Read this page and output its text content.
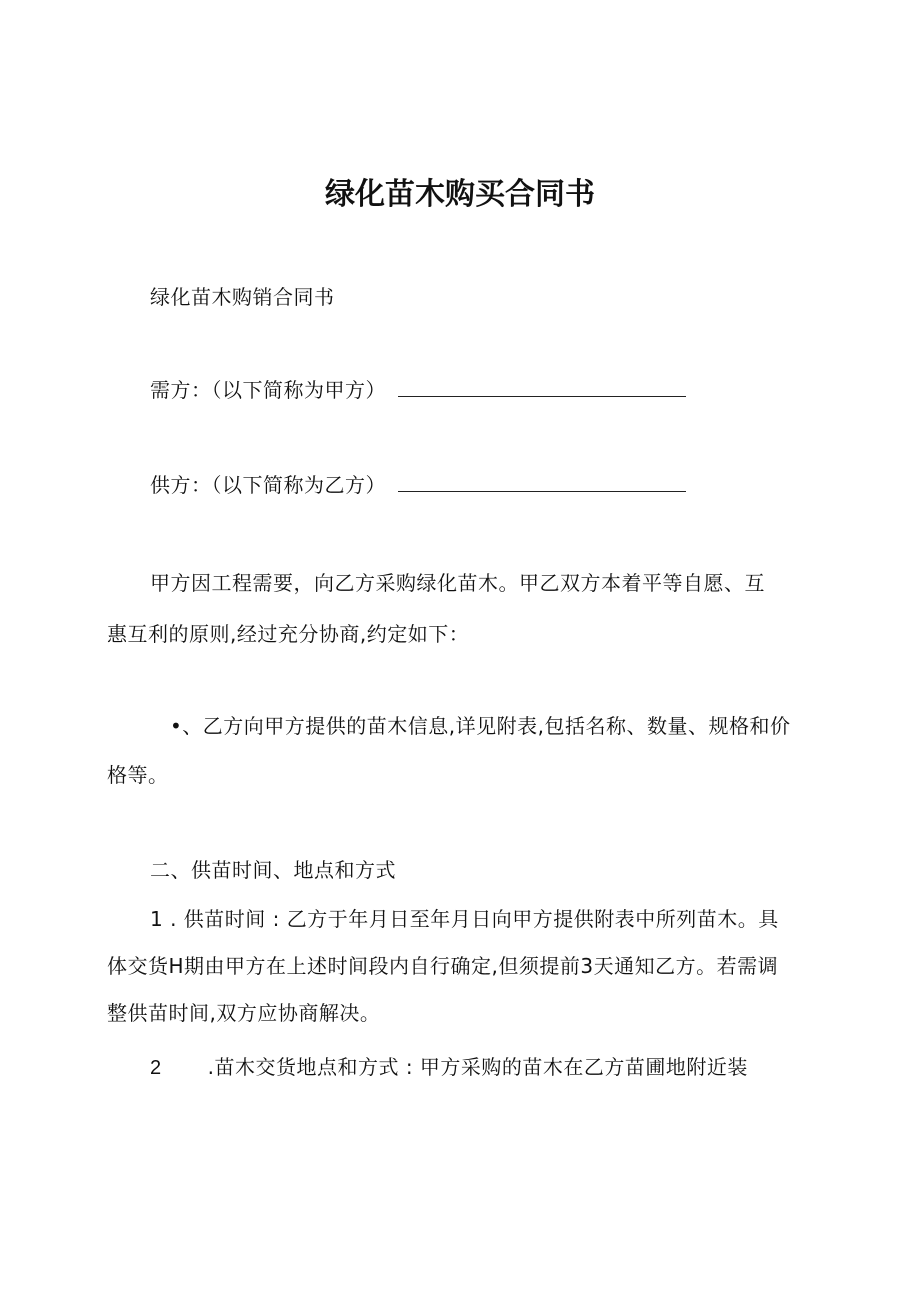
绿化苗木购买合同书
绿化苗木购销合同书
需方：（以下简称为甲方）
供方：（以下简称为乙方）
甲方因工程需要，向乙方采购绿化苗木。甲乙双方本着平等自愿、互
惠互利的原则,经过充分协商,约定如下：
•、乙方向甲方提供的苗木信息,详见附表,包括名称、数量、规格和价
格等。
二、供苗时间、地点和方式
1 . 供苗时间 : 乙方于年月日至年月日向甲方提供附表中所列苗木。具
体交货H期由甲方在上述时间段内自行确定,但须提前3天通知乙方。若需调
整供苗时间,双方应协商解决。
2 .苗木交货地点和方式 : 甲方采购的苗木在乙方苗圃地附近装
